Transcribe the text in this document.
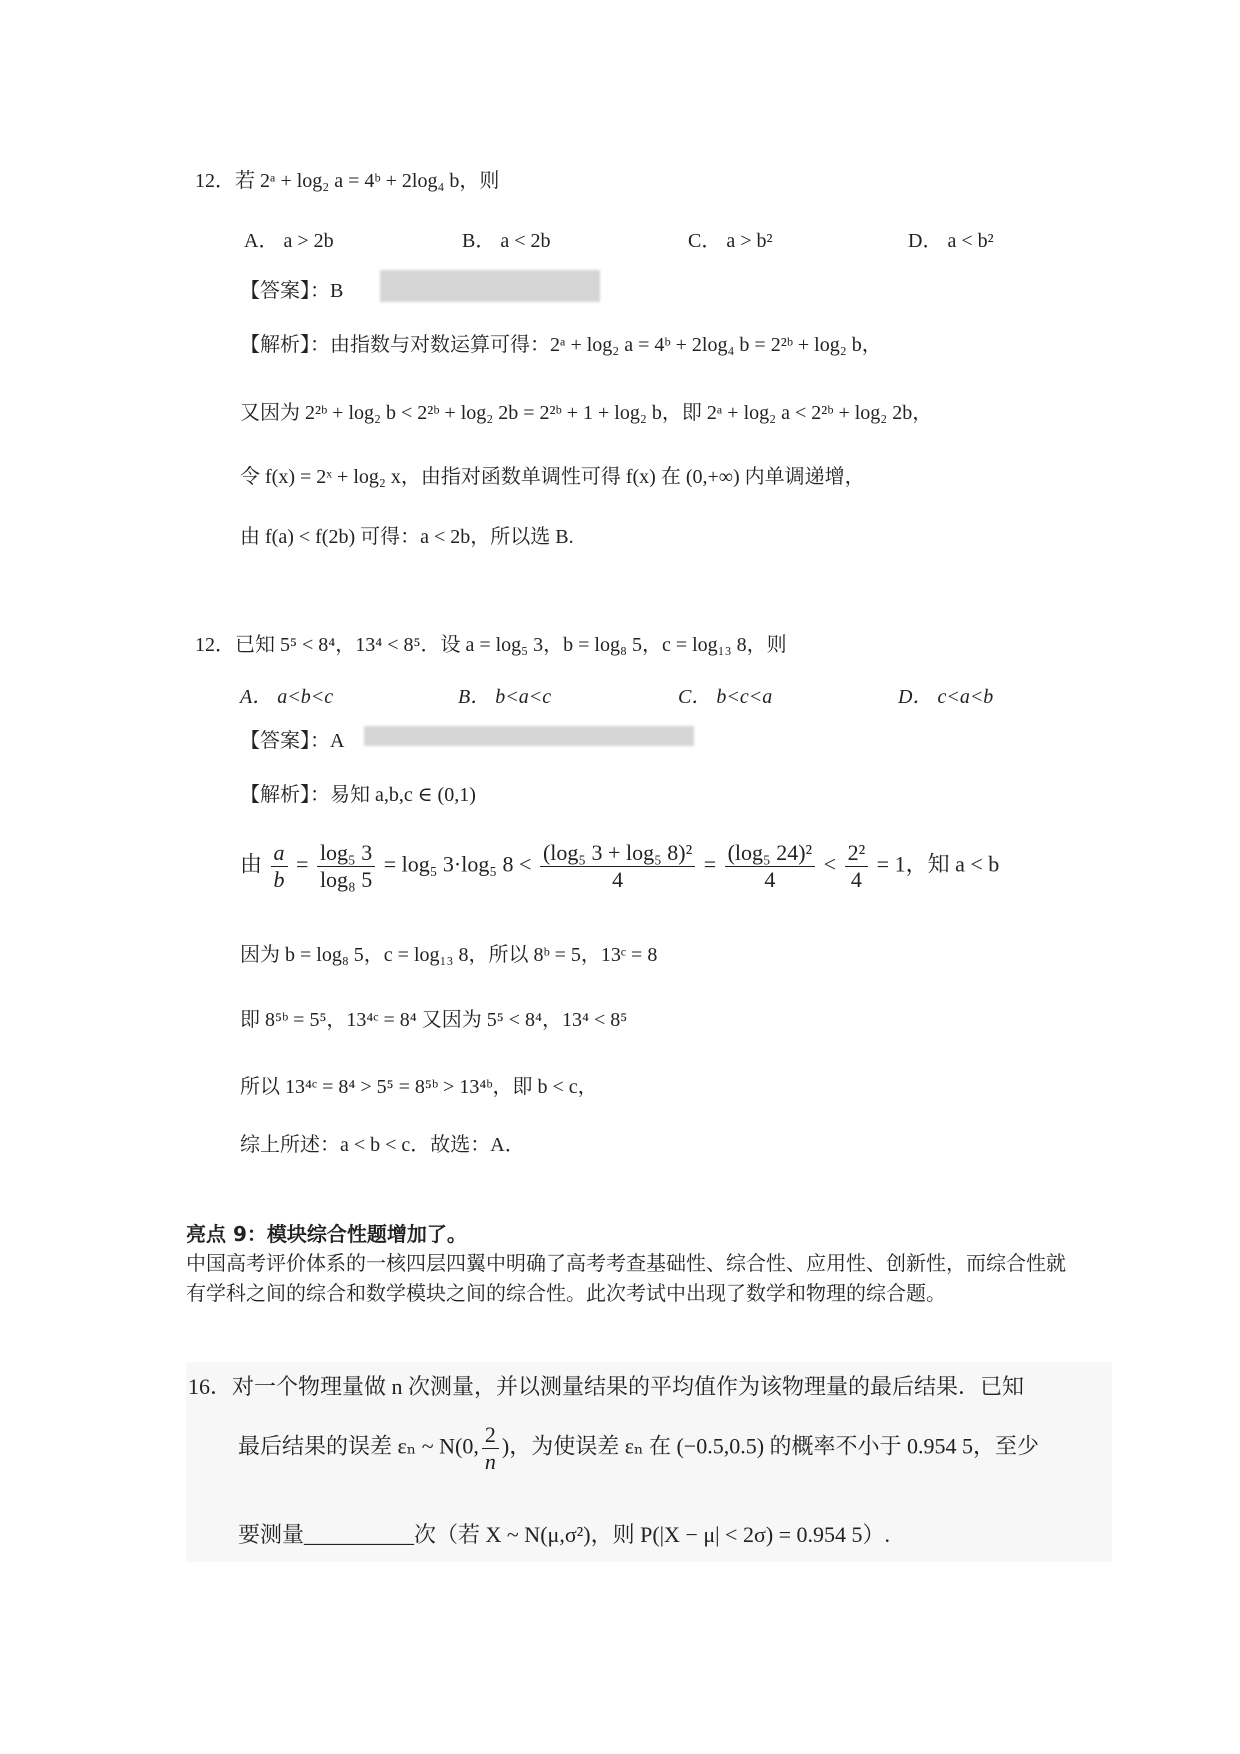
12．若 2ᵃ + log₂ a = 4ᵇ + 2log₄ b，则
A． a > 2b	B． a < 2b	C． a > b²	D． a < b²
【答案】：B
【解析】：由指数与对数运算可得：2ᵃ + log₂ a = 4ᵇ + 2log₄ b = 2²ᵇ + log₂ b，
又因为 2²ᵇ + log₂ b < 2²ᵇ + log₂ 2b = 2²ᵇ + 1 + log₂ b，即 2ᵃ + log₂ a < 2²ᵇ + log₂ 2b，
令 f(x) = 2ˣ + log₂ x，由指对函数单调性可得 f(x) 在 (0,+∞) 内单调递增，
由 f(a) < f(2b) 可得：a < 2b，所以选 B.
12．已知 5⁵ < 8⁴，13⁴ < 8⁵．设 a = log₅ 3，b = log₈ 5，c = log₁₃ 8，则
A． a<b<c	B． b<a<c	C． b<c<a	D． c<a<b
【答案】：A
【解析】：易知 a,b,c ∈ (0,1)
由 $\frac{a}{b} = \frac{\text{log₅ 3}}{\text{log₈ 5}} = \log_5$ 3·log₅ $8 < \frac{\text{(log₅ 3 + log₅ 8)²}}{4} = \frac{\text{(log₅ 24)²}}{4} < \frac{\text{2²}}{4} = 1$，知 a < b
因为 b = log₈ 5，c = log₁₃ 8，所以 8ᵇ = 5，13ᶜ = 8
即 8⁵ᵇ = 5⁵，13⁴ᶜ = 8⁴ 又因为 5⁵ < 8⁴，13⁴ < 8⁵
所以 13⁴ᶜ = 8⁴ > 5⁵ = 8⁵ᵇ > 13⁴ᵇ，即 b < c，
综上所述：a < b < c．故选：A．
亮点 9：模块综合性题增加了。
中国高考评价体系的一核四层四翼中明确了高考考查基础性、综合性、应用性、创新性，而综合性就有学科之间的综合和数学模块之间的综合性。此次考试中出现了数学和物理的综合题。
16．对一个物理量做 n 次测量，并以测量结果的平均值作为该物理量的最后结果．已知
最后结果的误差 εₙ ~ N(0, $\frac{2}{n}$ )，为使误差 εₙ 在 (−0.5,0.5) 的概率不小于 0.954 5，至少
要测量__________次（若 X ~ N(μ,σ²)，则 P(|X − μ| < 2σ) = 0.954 5）.
